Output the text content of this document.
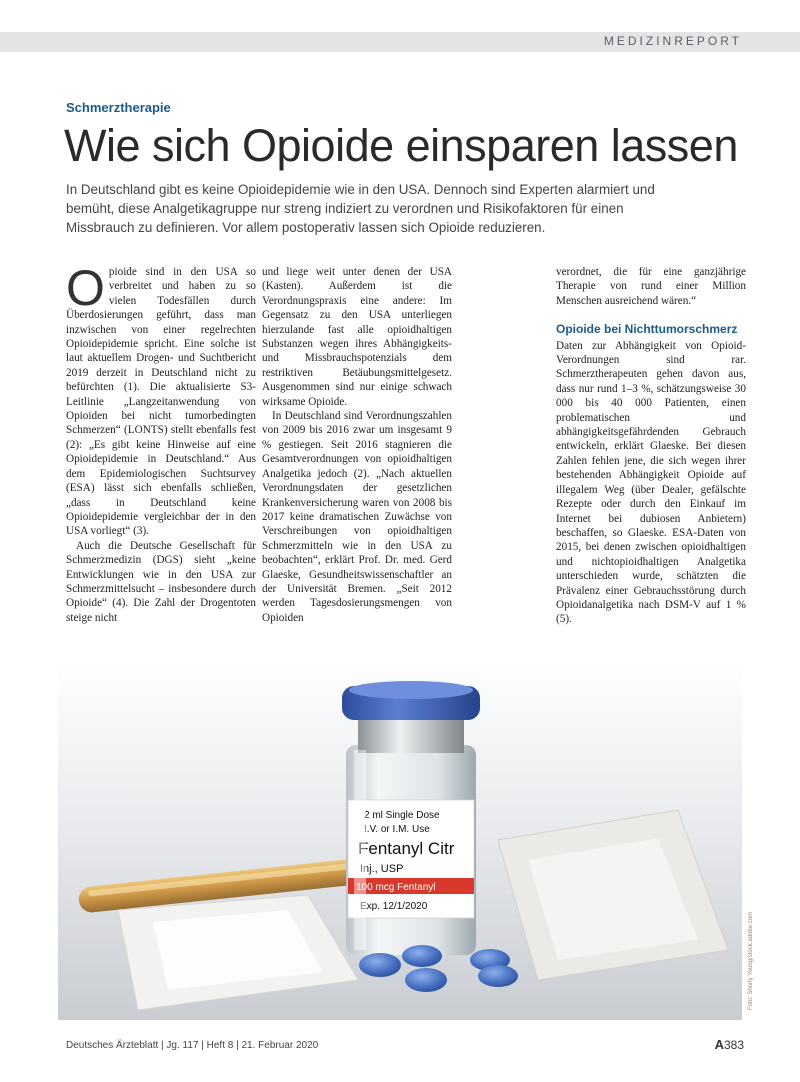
MEDIZINREPORT
Schmerztherapie
Wie sich Opioide einsparen lassen

In Deutschland gibt es keine Opioidepidemie wie in den USA. Dennoch sind Experten alarmiert und bemüht, diese Analgetikagruppe nur streng indiziert zu verordnen und Risikofaktoren für einen Missbrauch zu definieren. Vor allem postoperativ lassen sich Opioide reduzieren.

Opioide sind in den USA so verbreitet und haben zu so vielen Todesfällen durch Überdosierungen geführt, dass man inzwischen von einer regelrechten Opioidepidemie spricht. Eine solche ist laut aktuellem Drogen- und Suchtbericht 2019 derzeit in Deutschland nicht zu befürchten (1). Die aktualisierte S3-Leitlinie „Langzeitanwendung von Opioiden bei nicht tumorbedingten Schmerzen“ (LONTS) stellt ebenfalls fest (2): „Es gibt keine Hinweise auf eine Opioidepidemie in Deutschland.“ Aus dem Epidemiologischen Suchtsurvey (ESA) lässt sich ebenfalls schließen, „dass in Deutschland keine Opioidepidemie vergleichbar der in den USA vorliegt“ (3).

Auch die Deutsche Gesellschaft für Schmerzmedizin (DGS) sieht „keine Entwicklungen wie in den USA zur Schmerzmittelsucht – insbesondere durch Opioide“ (4). Die Zahl der Drogentoten steige nicht

und liege weit unter denen der USA (Kasten). Außerdem ist die Verordnungspraxis eine andere: Im Gegensatz zu den USA unterliegen hierzulande fast alle opioidhaltigen Substanzen wegen ihres Abhängigkeits- und Missbrauchspotenzials dem restriktiven Betäubungsmittelgesetz. Ausgenommen sind nur einige schwach wirksame Opioide.

In Deutschland sind Verordnungszahlen von 2009 bis 2016 zwar um insgesamt 9 % gestiegen. Seit 2016 stagnieren die Gesamtverordnungen von opioidhaltigen Analgetika jedoch (2). „Nach aktuellen Verordnungsdaten der gesetzlichen Krankenversicherung waren von 2008 bis 2017 keine dramatischen Zuwächse von Verschreibungen von opioidhaltigen Schmerzmitteln wie in den USA zu beobachten“, erklärt Prof. Dr. med. Gerd Glaeske, Gesundheitswissenschaftler an der Universität Bremen. „Seit 2012 werden Tagesdosierungsmengen von Opioiden

verordnet, die für eine ganzjährige Therapie von rund einer Million Menschen ausreichend wären.“

Opioide bei Nichttumorschmerz

Daten zur Abhängigkeit von Opioid-Verordnungen sind rar. Schmerztherapeuten gehen davon aus, dass nur rund 1–3 %, schätzungsweise 30 000 bis 40 000 Patienten, einen problematischen und abhängigkeitsgefährdenden Gebrauch entwickeln, erklärt Glaeske. Bei diesen Zahlen fehlen jene, die sich wegen ihrer bestehenden Abhängigkeit Opioide auf illegalem Weg (über Dealer, gefälschte Rezepte oder durch den Einkauf im Internet bei dubiosen Anbietern) beschaffen, so Glaeske. ESA-Daten von 2015, bei denen zwischen opioidhaltigen und nichtopioidhaltigen Analgetika unterschieden wurde, schätzten die Prävalenz einer Gebrauchsstörung durch Opioidanalgetika nach DSM-V auf 1 % (5).

2 ml Single Dose
I.V. or I.M. Use
Fentanyl Citr
Inj., USP
100 mcg Fentanyl
Exp. 12/1/2020
Foto: Shorty Young/stock.adobe.com
Deutsches Ärzteblatt | Jg. 117 | Heft 8 | 21. Februar 2020	A383
